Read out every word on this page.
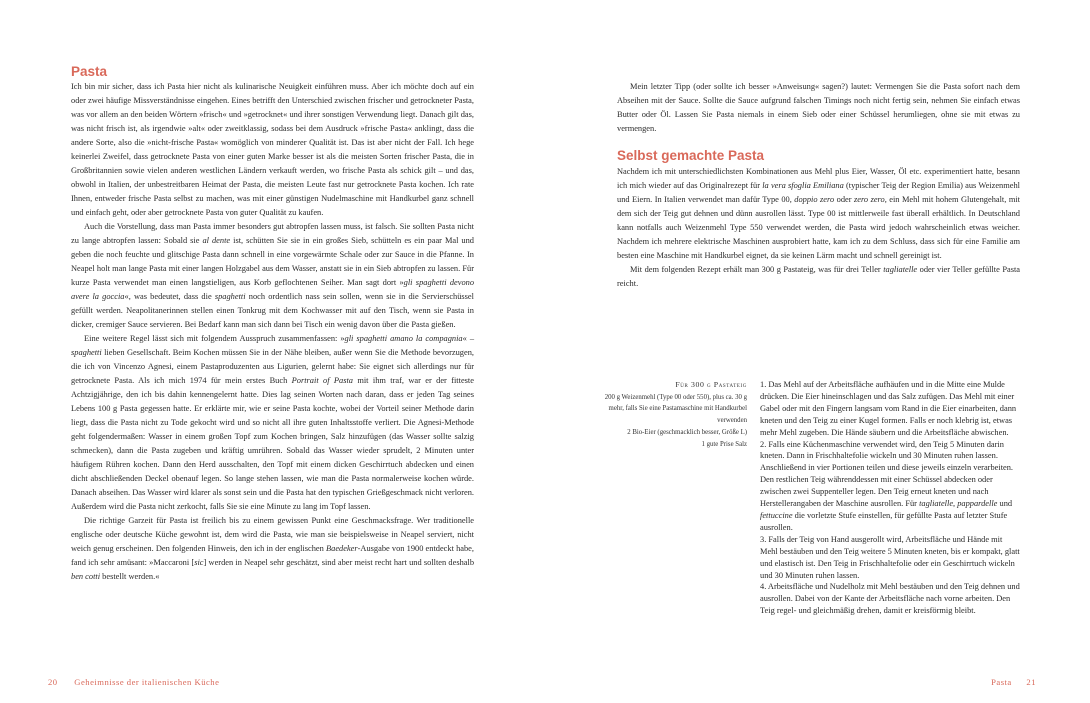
Pasta

Ich bin mir sicher, dass ich Pasta hier nicht als kulinarische Neuigkeit einführen muss. Aber ich möchte doch auf ein oder zwei häufige Missverständnisse eingehen. Eines betrifft den Unterschied zwischen frischer und getrockneter Pasta, was vor allem an den beiden Wörtern »frisch« und »getrocknet« und ihrer sonstigen Verwendung liegt. Danach gilt das, was nicht frisch ist, als irgendwie »alt« oder zweitklassig, sodass bei dem Ausdruck »frische Pasta« anklingt, dass die andere Sorte, also die »nicht-frische Pasta« womöglich von minderer Qualität ist. Das ist aber nicht der Fall. Ich hege keinerlei Zweifel, dass getrocknete Pasta von einer guten Marke besser ist als die meisten Sorten frischer Pasta, die in Großbritannien sowie vielen anderen westlichen Ländern verkauft werden, wo frische Pasta als schick gilt – und das, obwohl in Italien, der unbestreitbaren Heimat der Pasta, die meisten Leute fast nur getrocknete Pasta kochen. Ich rate Ihnen, entweder frische Pasta selbst zu machen, was mit einer günstigen Nudelmaschine mit Handkurbel ganz schnell und einfach geht, oder aber getrocknete Pasta von guter Qualität zu kaufen.

Auch die Vorstellung, dass man Pasta immer besonders gut abtropfen lassen muss, ist falsch. Sie sollten Pasta nicht zu lange abtropfen lassen: Sobald sie al dente ist, schütten Sie sie in ein großes Sieb, schütteln es ein paar Mal und geben die noch feuchte und glitschige Pasta dann schnell in eine vorgewärmte Schale oder zur Sauce in die Pfanne. In Neapel holt man lange Pasta mit einer langen Holzgabel aus dem Wasser, anstatt sie in ein Sieb abtropfen zu lassen. Für kurze Pasta verwendet man einen langstieligen, aus Korb geflochtenen Seiher. Man sagt dort »gli spaghetti devono avere la goccia«, was bedeutet, dass die spaghetti noch ordentlich nass sein sollen, wenn sie in die Servierschüssel gefüllt werden. Neapolitanerinnen stellen einen Tonkrug mit dem Kochwasser mit auf den Tisch, wenn sie Pasta in dicker, cremiger Sauce servieren. Bei Bedarf kann man sich dann bei Tisch ein wenig davon über die Pasta gießen.

Eine weitere Regel lässt sich mit folgendem Ausspruch zusammenfassen: »gli spaghetti amano la compagnia« – spaghetti lieben Gesellschaft. Beim Kochen müssen Sie in der Nähe bleiben, außer wenn Sie die Methode bevorzugen, die ich von Vincenzo Agnesi, einem Pastaproduzenten aus Ligurien, gelernt habe: Sie eignet sich allerdings nur für getrocknete Pasta. Als ich mich 1974 für mein erstes Buch Portrait of Pasta mit ihm traf, war er der fitteste Achtzigjährige, den ich bis dahin kennengelernt hatte. Dies lag seinen Worten nach daran, dass er jeden Tag seines Lebens 100 g Pasta gegessen hatte. Er erklärte mir, wie er seine Pasta kochte, wobei der Vorteil seiner Methode darin liegt, dass die Pasta nicht zu Tode gekocht wird und so nicht all ihre guten Inhaltsstoffe verliert. Die Agnesi-Methode geht folgendermaßen: Wasser in einem großen Topf zum Kochen bringen, Salz hinzufügen (das Wasser sollte salzig schmecken), dann die Pasta zugeben und kräftig umrühren. Sobald das Wasser wieder sprudelt, 2 Minuten unter häufigem Rühren kochen. Dann den Herd ausschalten, den Topf mit einem dicken Geschirrtuch abdecken und einen dicht abschließenden Deckel obenauf legen. So lange stehen lassen, wie man die Pasta normalerweise kochen würde. Danach abseihen. Das Wasser wird klarer als sonst sein und die Pasta hat den typischen Grießgeschmack nicht verloren. Außerdem wird die Pasta nicht zerkocht, falls Sie sie eine Minute zu lang im Topf lassen.

Die richtige Garzeit für Pasta ist freilich bis zu einem gewissen Punkt eine Geschmacksfrage. Wer traditionelle englische oder deutsche Küche gewohnt ist, dem wird die Pasta, wie man sie beispielsweise in Neapel serviert, nicht weich genug erscheinen. Den folgenden Hinweis, den ich in der englischen Baedeker-Ausgabe von 1900 entdeckt habe, fand ich sehr amüsant: »Maccaroni [sic] werden in Neapel sehr geschätzt, sind aber meist recht hart und sollten deshalb ben cotti bestellt werden.«

20 Geheimnisse der italienischen Küche

Mein letzter Tipp (oder sollte ich besser »Anweisung« sagen?) lautet: Vermengen Sie die Pasta sofort nach dem Abseihen mit der Sauce. Sollte die Sauce aufgrund falschen Timings noch nicht fertig sein, nehmen Sie einfach etwas Butter oder Öl. Lassen Sie Pasta niemals in einem Sieb oder einer Schüssel herumliegen, ohne sie mit etwas zu vermengen.

Selbst gemachte Pasta

Nachdem ich mit unterschiedlichsten Kombinationen aus Mehl plus Eier, Wasser, Öl etc. experimentiert hatte, besann ich mich wieder auf das Originalrezept für la vera sfoglia Emiliana (typischer Teig der Region Emilia) aus Weizenmehl und Eiern. In Italien verwendet man dafür Type 00, doppio zero oder zero zero, ein Mehl mit hohem Glutengehalt, mit dem sich der Teig gut dehnen und dünn ausrollen lässt. Type 00 ist mittlerweile fast überall erhältlich. In Deutschland kann notfalls auch Weizenmehl Type 550 verwendet werden, die Pasta wird jedoch wahrscheinlich etwas weicher. Nachdem ich mehrere elektrische Maschinen ausprobiert hatte, kam ich zu dem Schluss, dass sich für eine Familie am besten eine Maschine mit Handkurbel eignet, da sie keinen Lärm macht und schnell gereinigt ist.

Mit dem folgenden Rezept erhält man 300 g Pastateig, was für drei Teller tagliatelle oder vier Teller gefüllte Pasta reicht.

Für 300 g Pastateig
200 g Weizenmehl (Type 00 oder 550), plus ca. 30 g mehr, falls Sie eine Pastamaschine mit Handkurbel verwenden
2 Bio-Eier (geschmacklich besser, Größe L)
1 gute Prise Salz

1. Das Mehl auf der Arbeitsfläche aufhäufen und in die Mitte eine Mulde drücken. Die Eier hineinschlagen und das Salz zufügen. Das Mehl mit einer Gabel oder mit den Fingern langsam vom Rand in die Eier einarbeiten, dann kneten und den Teig zu einer Kugel formen. Falls er noch klebrig ist, etwas mehr Mehl zugeben. Die Hände säubern und die Arbeitsfläche abwischen.

2. Falls eine Küchenmaschine verwendet wird, den Teig 5 Minuten darin kneten. Dann in Frischhaltefolie wickeln und 30 Minuten ruhen lassen. Anschließend in vier Portionen teilen und diese jeweils einzeln verarbeiten. Den restlichen Teig währenddessen mit einer Schüssel abdecken oder zwischen zwei Suppenteller legen. Den Teig erneut kneten und nach Herstellerangaben der Maschine ausrollen. Für tagliatelle, pappardelle und fettuccine die vorletzte Stufe einstellen, für gefüllte Pasta auf letzter Stufe ausrollen.

3. Falls der Teig von Hand ausgerollt wird, Arbeitsfläche und Hände mit Mehl bestäuben und den Teig weitere 5 Minuten kneten, bis er kompakt, glatt und elastisch ist. Den Teig in Frischhaltefolie oder ein Geschirrtuch wickeln und 30 Minuten ruhen lassen.

4. Arbeitsfläche und Nudelholz mit Mehl bestäuben und den Teig dehnen und ausrollen. Dabei von der Kante der Arbeitsfläche nach vorne arbeiten. Den Teig regel- und gleichmäßig drehen, damit er kreisförmig bleibt.

Pasta 21
